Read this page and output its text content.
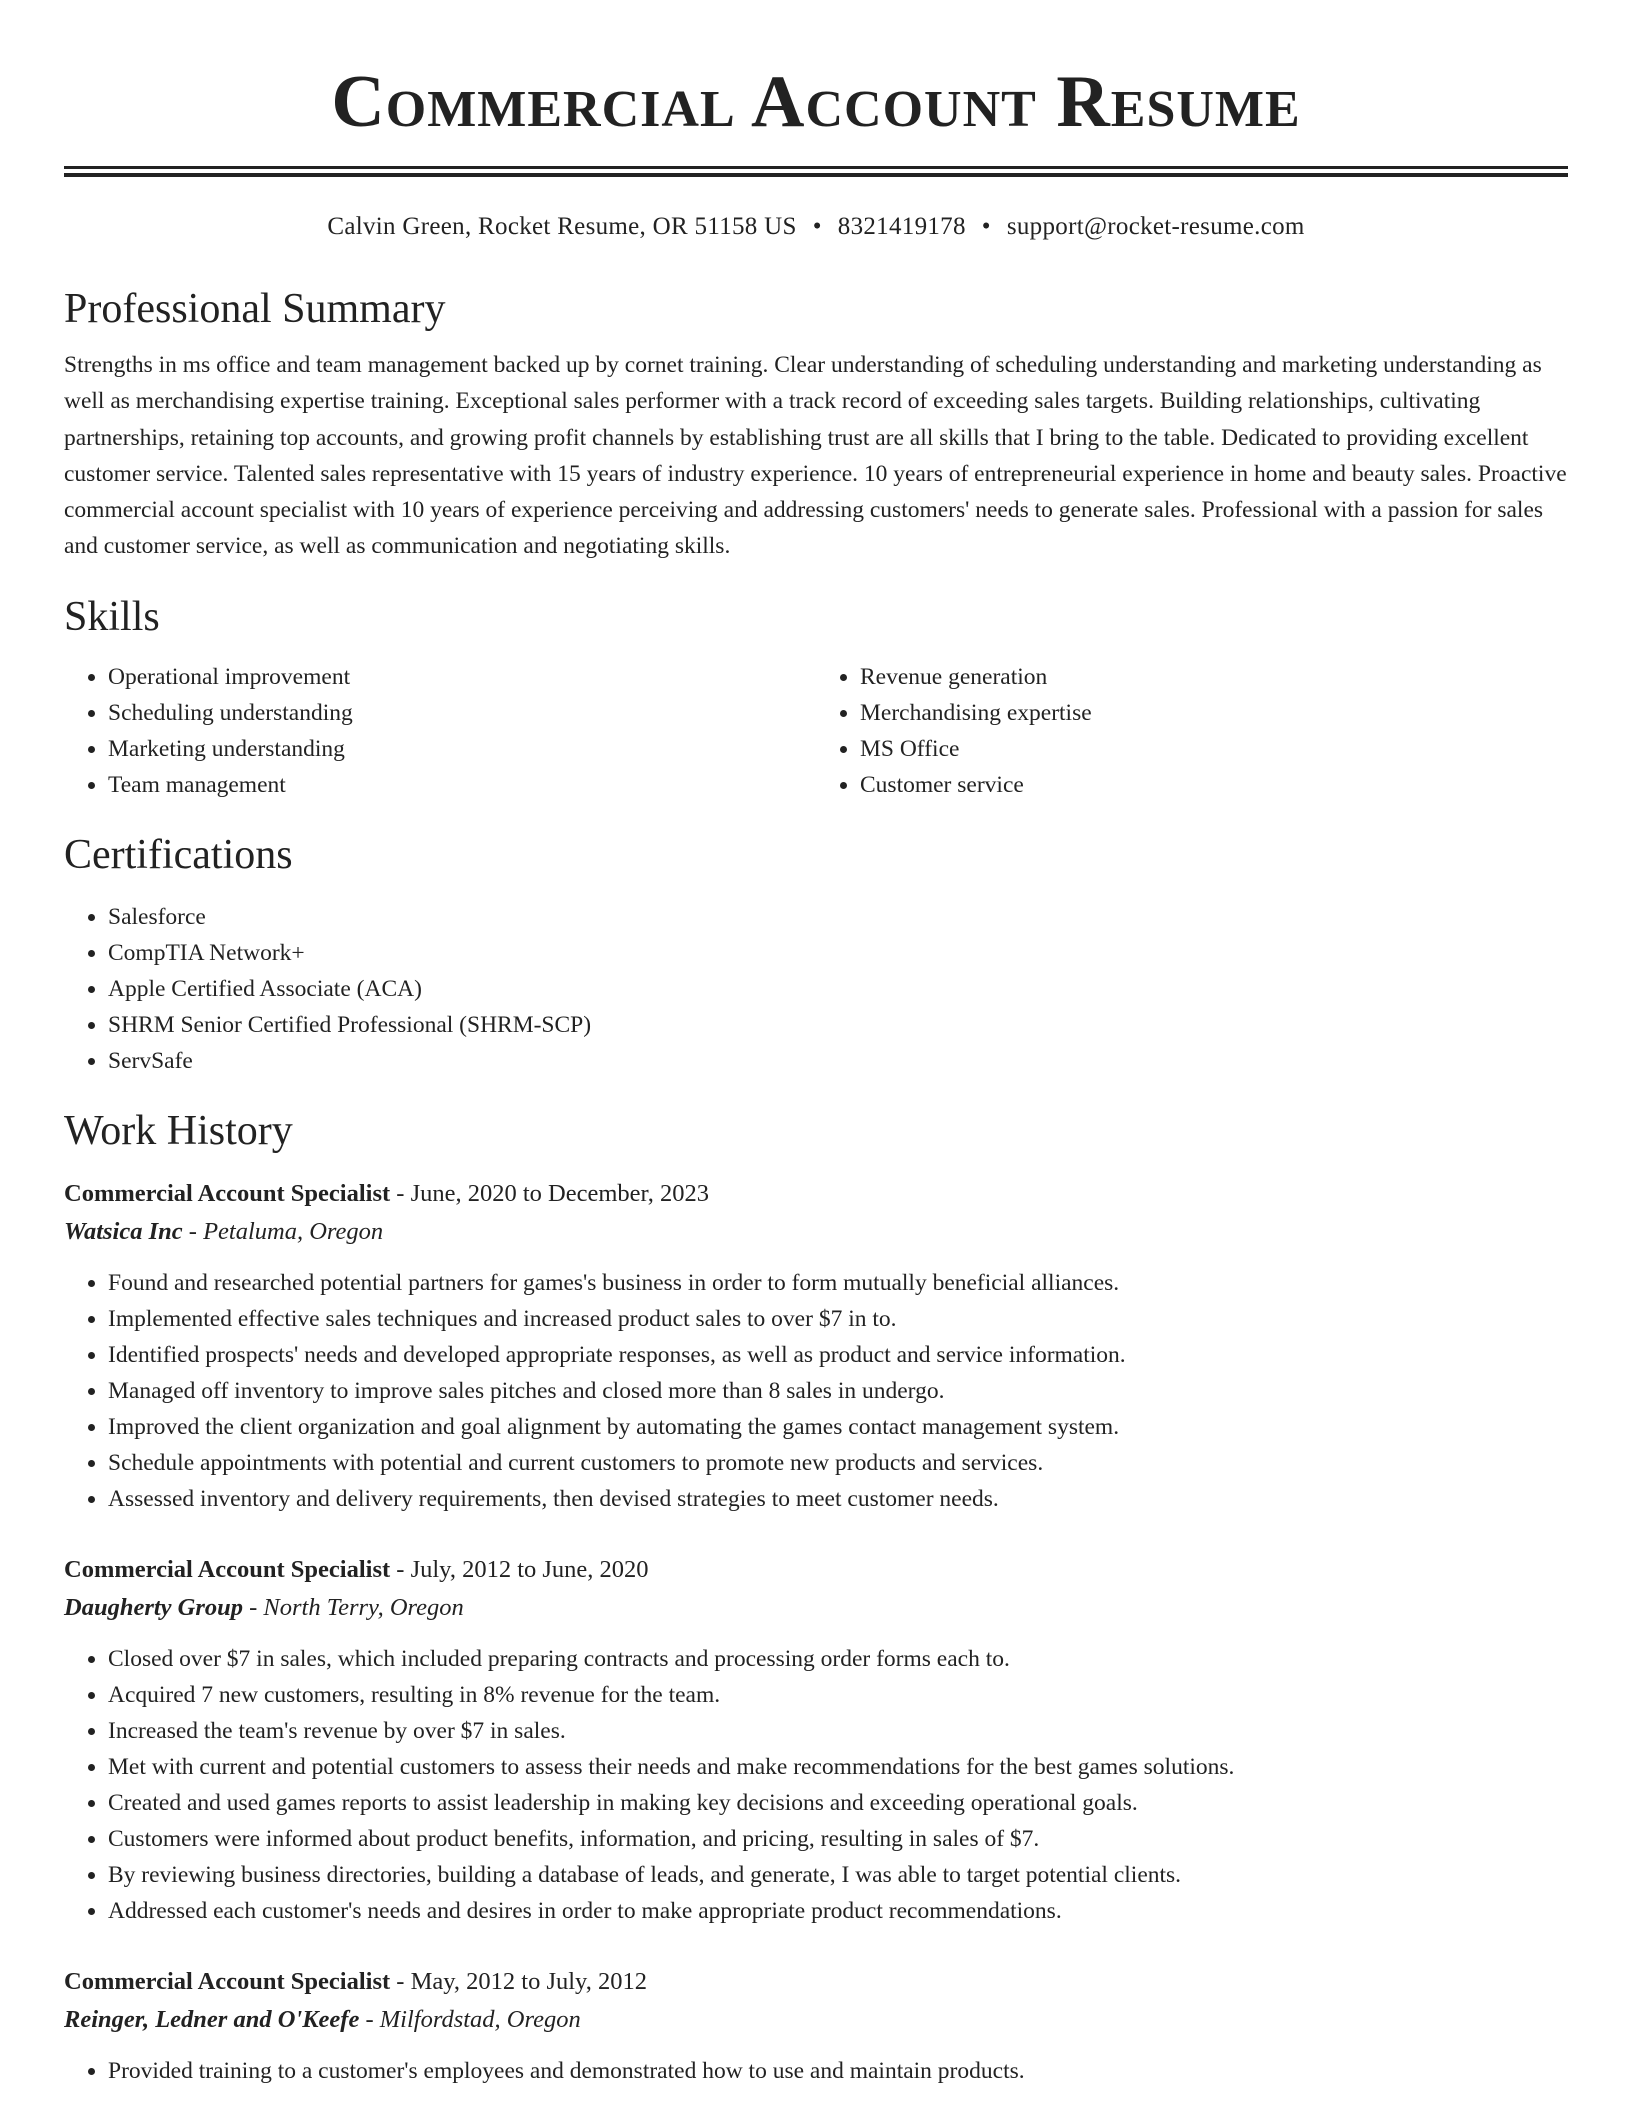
Commercial Account Resume
Calvin Green, Rocket Resume, OR 51158 US • 8321419178 • support@rocket-resume.com
Professional Summary

Strengths in ms office and team management backed up by cornet training. Clear understanding of scheduling understanding and marketing understanding as well as merchandising expertise training. Exceptional sales performer with a track record of exceeding sales targets. Building relationships, cultivating partnerships, retaining top accounts, and growing profit channels by establishing trust are all skills that I bring to the table. Dedicated to providing excellent customer service. Talented sales representative with 15 years of industry experience. 10 years of entrepreneurial experience in home and beauty sales. Proactive commercial account specialist with 10 years of experience perceiving and addressing customers' needs to generate sales. Professional with a passion for sales and customer service, as well as communication and negotiating skills.

Skills
• Operational improvement
• Scheduling understanding
• Marketing understanding
• Team management
• Revenue generation
• Merchandising expertise
• MS Office
• Customer service
Certifications
• Salesforce
• CompTIA Network+
• Apple Certified Associate (ACA)
• SHRM Senior Certified Professional (SHRM-SCP)
• ServSafe
Work History
Commercial Account Specialist - June, 2020 to December, 2023
Watsica Inc - Petaluma, Oregon
• Found and researched potential partners for games's business in order to form mutually beneficial alliances.
• Implemented effective sales techniques and increased product sales to over $7 in to.
• Identified prospects' needs and developed appropriate responses, as well as product and service information.
• Managed off inventory to improve sales pitches and closed more than 8 sales in undergo.
• Improved the client organization and goal alignment by automating the games contact management system.
• Schedule appointments with potential and current customers to promote new products and services.
• Assessed inventory and delivery requirements, then devised strategies to meet customer needs.
Commercial Account Specialist - July, 2012 to June, 2020
Daugherty Group - North Terry, Oregon
• Closed over $7 in sales, which included preparing contracts and processing order forms each to.
• Acquired 7 new customers, resulting in 8% revenue for the team.
• Increased the team's revenue by over $7 in sales.
• Met with current and potential customers to assess their needs and make recommendations for the best games solutions.
• Created and used games reports to assist leadership in making key decisions and exceeding operational goals.
• Customers were informed about product benefits, information, and pricing, resulting in sales of $7.
• By reviewing business directories, building a database of leads, and generate, I was able to target potential clients.
• Addressed each customer's needs and desires in order to make appropriate product recommendations.
Commercial Account Specialist - May, 2012 to July, 2012
Reinger, Ledner and O'Keefe - Milfordstad, Oregon
• Provided training to a customer's employees and demonstrated how to use and maintain products.
